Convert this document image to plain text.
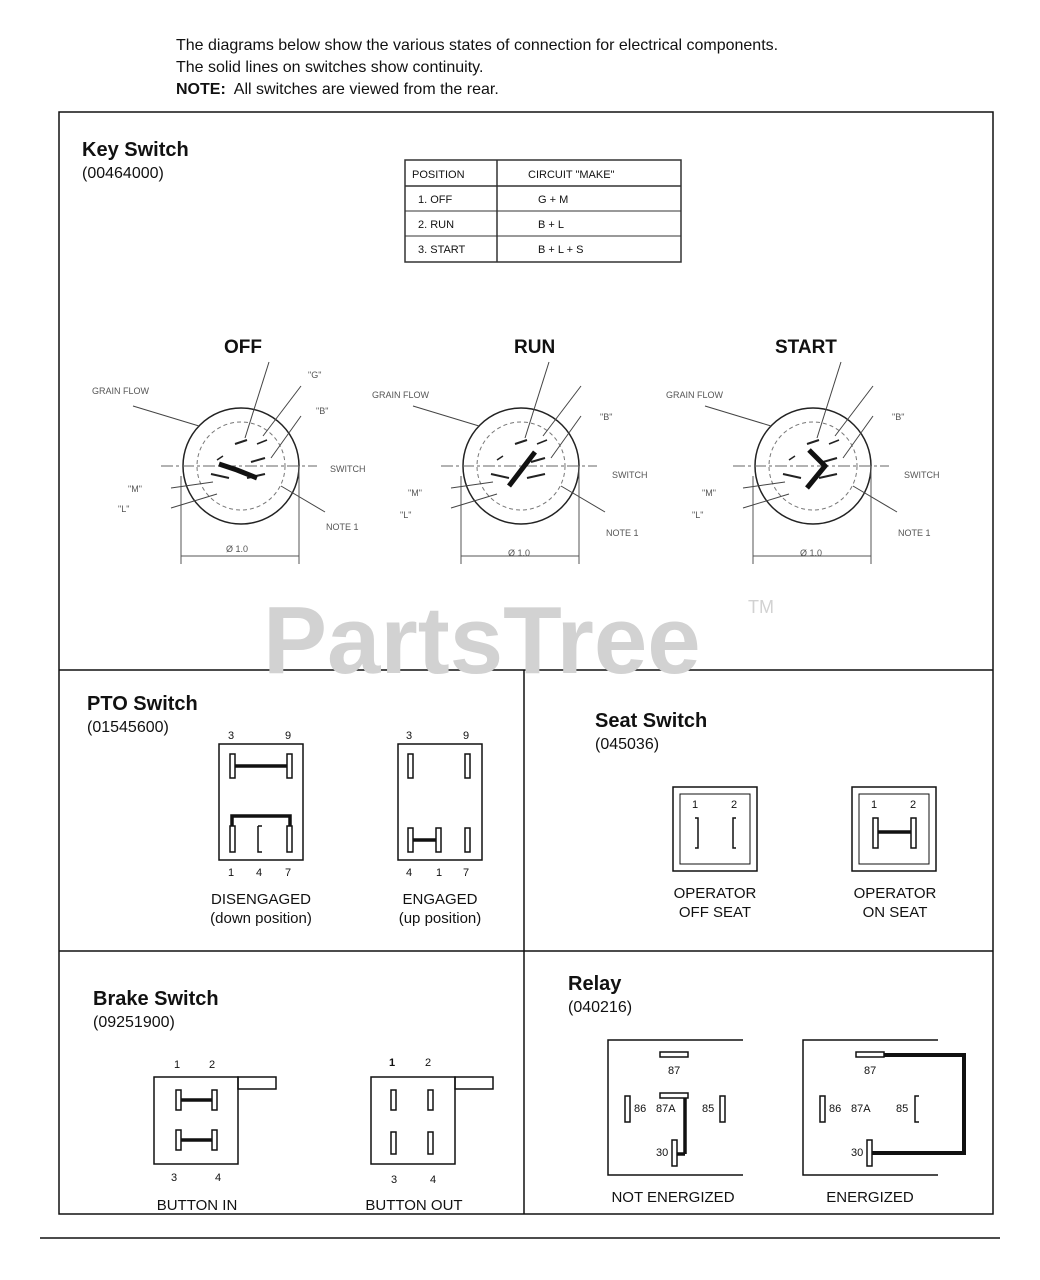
The diagrams below show the various states of connection for electrical components.
The solid lines on switches show continuity.
NOTE: All switches are viewed from the rear.
PartsTree	TM
Key Switch
(00464000)	POSITION	CIRCUIT "MAKE"
1. OFF	G + M
2. RUN	B + L
3. START	B + L + S
OFF	RUN	START
GRAIN FLOW	GRAIN FLOW	GRAIN FLOW
"G"
"B"
"B"	"B"
"M"	"M"	"M"
"L"
"L"	"L"
NOTE 1
NOTE 1	NOTE 1
Ø 1.0	Ø 1.0	Ø 1.0
SWITCH
SWITCH	SWITCH
PTO Switch
(01545600)	3	9
1 4 7
DISENGAGED
(down position)
3	9
4 1 7
ENGAGED
(up position)
Seat Switch
(045036)
1	2
OPERATOR
OFF SEAT
1	2
OPERATOR
ON SEAT
Brake Switch
(09251900)
1	2
3	4
BUTTON IN
1	2
3	4
BUTTON OUT
Relay
(040216)
87
86 87A 85
30
NOT ENERGIZED
87
86 87A 85
30
ENERGIZED
